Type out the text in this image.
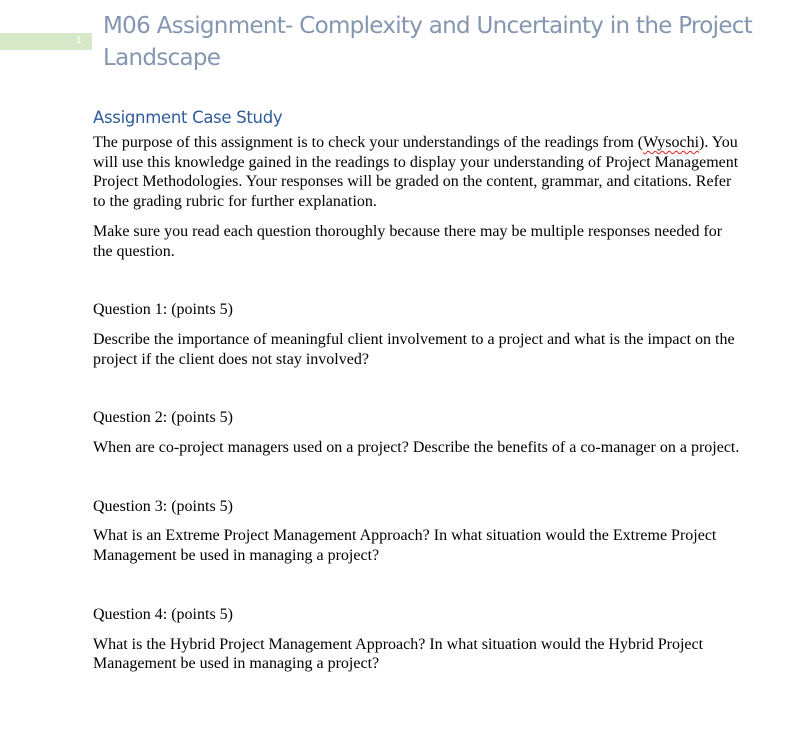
1
M06 Assignment- Complexity and Uncertainty in the Project Landscape
Assignment Case Study

The purpose of this assignment is to check your understandings of the readings from (Wysochi). You will use this knowledge gained in the readings to display your understanding of Project Management Project Methodologies. Your responses will be graded on the content, grammar, and citations. Refer to the grading rubric for further explanation.

Make sure you read each question thoroughly because there may be multiple responses needed for the question.

Question 1: (points 5)

Describe the importance of meaningful client involvement to a project and what is the impact on the project if the client does not stay involved?

Question 2: (points 5)

When are co-project managers used on a project? Describe the benefits of a co-manager on a project.

Question 3: (points 5)

What is an Extreme Project Management Approach? In what situation would the Extreme Project Management be used in managing a project?

Question 4: (points 5)

What is the Hybrid Project Management Approach? In what situation would the Hybrid Project Management be used in managing a project?
